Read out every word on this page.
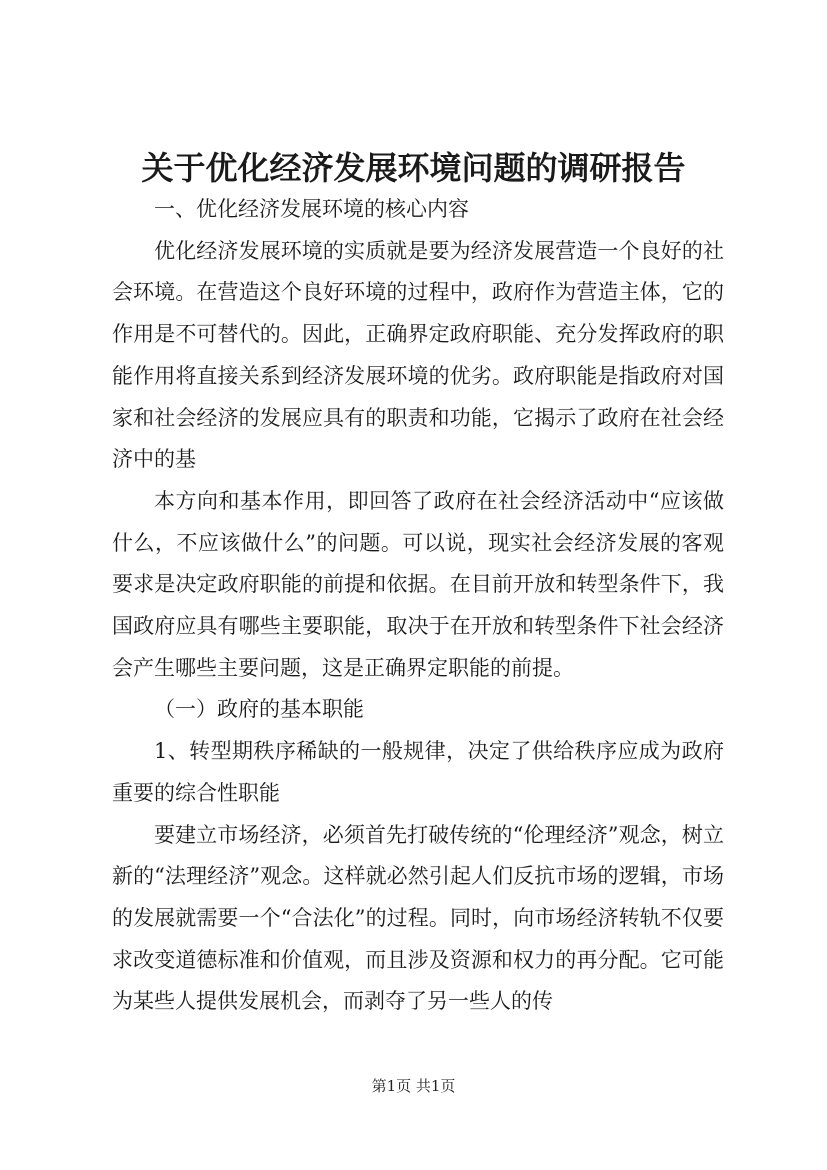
关于优化经济发展环境问题的调研报告

一、优化经济发展环境的核心内容

优化经济发展环境的实质就是要为经济发展营造一个良好的社会环境。在营造这个良好环境的过程中，政府作为营造主体，它的作用是不可替代的。因此，正确界定政府职能、充分发挥政府的职能作用将直接关系到经济发展环境的优劣。政府职能是指政府对国家和社会经济的发展应具有的职责和功能，它揭示了政府在社会经济中的基

本方向和基本作用，即回答了政府在社会经济活动中“应该做什么，不应该做什么”的问题。可以说，现实社会经济发展的客观要求是决定政府职能的前提和依据。在目前开放和转型条件下，我国政府应具有哪些主要职能，取决于在开放和转型条件下社会经济会产生哪些主要问题，这是正确界定职能的前提。

（一）政府的基本职能

1、转型期秩序稀缺的一般规律，决定了供给秩序应成为政府重要的综合性职能

要建立市场经济，必须首先打破传统的“伦理经济”观念，树立新的“法理经济”观念。这样就必然引起人们反抗市场的逻辑，市场的发展就需要一个“合法化”的过程。同时，向市场经济转轨不仅要求改变道德标准和价值观，而且涉及资源和权力的再分配。它可能为某些人提供发展机会，而剥夺了另一些人的传

第1页 共1页
